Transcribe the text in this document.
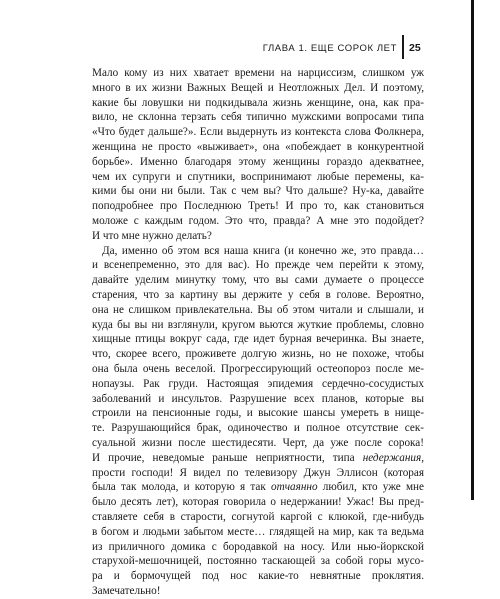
ГЛАВА 1. ЕЩЕ СОРОК ЛЕТ 25
Мало кому из них хватает времени на нарциссизм, слишком уж
много в их жизни Важных Вещей и Неотложных Дел. И поэтому,
какие бы ловушки ни подкидывала жизнь женщине, она, как пра-
вило, не склонна терзать себя типично мужскими вопросами типа
«Что будет дальше?». Если выдернуть из контекста слова Фолкнера,
женщина не просто «выживает», она «побеждает в конкурентной
борьбе». Именно благодаря этому женщины гораздо адекватнее,
чем их супруги и спутники, воспринимают любые перемены, ка-
кими бы они ни были. Так с чем вы? Что дальше? Ну-ка, давайте
поподробнее про Последнюю Треть! И про то, как становиться
моложе с каждым годом. Это что, правда? А мне это подойдет?
И что мне нужно делать?
Да, именно об этом вся наша книга (и конечно же, это правда…
и всенепременно, это для вас). Но прежде чем перейти к этому,
давайте уделим минутку тому, что вы сами думаете о процессе
старения, что за картину вы держите у себя в голове. Вероятно,
она не слишком привлекательна. Вы об этом читали и слышали, и
куда бы вы ни взглянули, кругом вьются жуткие проблемы, словно
хищные птицы вокруг сада, где идет бурная вечеринка. Вы знаете,
что, скорее всего, проживете долгую жизнь, но не похоже, чтобы
она была очень веселой. Прогрессирующий остеопороз после ме-
нопаузы. Рак груди. Настоящая эпидемия сердечно-сосудистых
заболеваний и инсультов. Разрушение всех планов, которые вы
строили на пенсионные годы, и высокие шансы умереть в нище-
те. Разрушающийся брак, одиночество и полное отсутствие сек-
суальной жизни после шестидесяти. Черт, да уже после сорока!
И прочие, неведомые раньше неприятности, типа недержания,
прости господи! Я видел по телевизору Джун Эллисон (которая
была так молода, и которую я так отчаянно любил, кто уже мне
было десять лет), которая говорила о недержании! Ужас! Вы пред-
ставляете себя в старости, согнутой каргой с клюкой, где-нибудь
в богом и людьми забытом месте… глядящей на мир, как та ведьма
из приличного домика с бородавкой на носу. Или нью-йоркской
старухой-мешочницей, постоянно таскающей за собой горы мусо-
ра и бормочущей под нос какие-то невнятные проклятия.
Замечательно!
